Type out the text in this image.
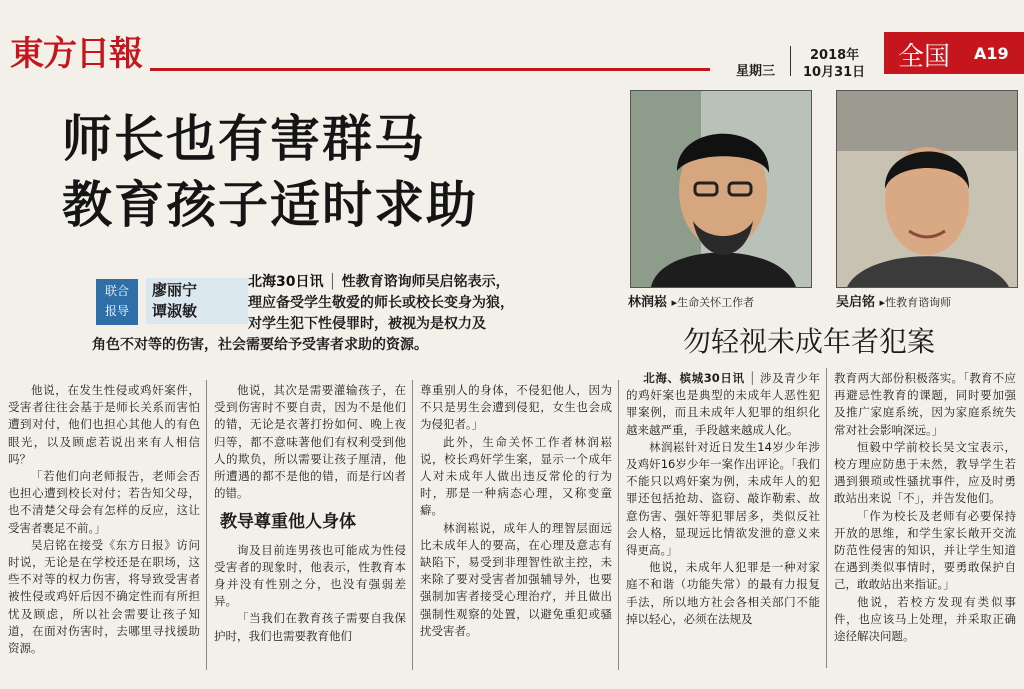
東方日報	星期三
2018年
10月31日
全国 A19
师长也有害群马
教育孩子适时求助
联合
报导
廖丽宁
谭淑敏
北海30日讯 │ 性教育谘询师吴启铭表示，理应备受学生敬爱的师长或校长变身为狼，对学生犯下性侵罪时，被视为是权力及
角色不对等的伤害，社会需要给予受害者求助的资源。
林润崧 ▸生命关怀工作者	吴启铭 ▸性教育谘询师
勿轻视未成年者犯案

他说，在发生性侵或鸡奸案件，受害者往往会基于是师长关系而害怕遭到对付，他们也担心其他人的有色眼光，以及顾虑若说出来有人相信吗？

「若他们向老师报告，老师会否也担心遭到校长对付；若告知父母，也不清楚父母会有怎样的反应，这让受害者裹足不前。」

吴启铭在接受《东方日报》访问时说，无论是在学校还是在职场，这些不对等的权力伤害，将导致受害者被性侵或鸡奸后因不确定性而有所担忧及顾虑，所以社会需要让孩子知道，在面对伤害时，去哪里寻找援助资源。

他说，其次是需要灌输孩子，在受到伤害时不要自责，因为不是他们的错，无论是衣著打扮如何、晚上夜归等，都不意味著他们有权利受到他人的欺负，所以需要让孩子厘清，他所遭遇的都不是他的错，而是行凶者的错。

教导尊重他人身体

询及目前连男孩也可能成为性侵受害者的现象时，他表示，性教育本身并没有性别之分，也没有强弱差异。

「当我们在教育孩子需要自我保护时，我们也需要教育他们

尊重别人的身体，不侵犯他人，因为不只是男生会遭到侵犯，女生也会成为侵犯者。」

此外，生命关怀工作者林润崧说，校长鸡奸学生案，显示一个成年人对未成年人做出违反常伦的行为时，那是一种病态心理，又称变童癖。

林润崧说，成年人的理智层面远比未成年人的要高，在心理及意志有缺陷下，易受到非理智性欲主控，未来除了要对受害者加强辅导外，也要强制加害者接受心理治疗，并且做出强制性观察的处置，以避免重犯或骚扰受害者。

北海、槟城30日讯 │ 涉及青少年的鸡奸案也是典型的未成年人恶性犯罪案例，而且未成年人犯罪的组织化越来越严重，手段越来越成人化。

林润崧针对近日发生14岁少年涉及鸡奸16岁少年一案作出评论。「我们不能只以鸡奸案为例，未成年人的犯罪还包括抢劫、盗窃、敲诈勒索、故意伤害、强奸等犯罪居多，类似反社会人格，显现远比情欲发泄的意义来得更高。」

他说，未成年人犯罪是一种对家庭不和谐（功能失常）的最有力报复手法，所以地方社会各相关部门不能掉以轻心，必须在法规及

教育两大部份积极落实。「教育不应再避忌性教育的课题，同时要加强及推广家庭系统，因为家庭系统失常对社会影响深远。」

恒毅中学前校长吴文宝表示，校方理应防患于未然，教导学生若遇到猥琐或性骚扰事件，应及时勇敢站出来说「不」，并告发他们。

「作为校长及老师有必要保持开放的思维，和学生家长敞开交流防范性侵害的知识，并让学生知道在遇到类似事情时，要勇敢保护自己，敢敢站出来指证。」

他说，若校方发现有类似事件，也应该马上处理，并采取正确途径解决问题。
